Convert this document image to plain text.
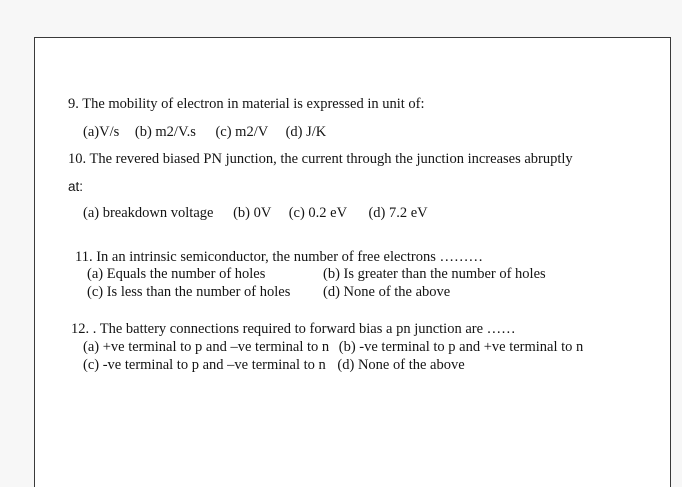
9. The mobility of electron in material is expressed in unit of:
(a)V/s (b) m2/V.s (c) m2/V (d) J/K
10. The revered biased PN junction, the current through the junction increases abruptly
at:
(a) breakdown voltage (b) 0V (c) 0.2 eV (d) 7.2 eV
11. In an intrinsic semiconductor, the number of free electrons ………
(a) Equals the number of holes	(b) Is greater than the number of holes
(c) Is less than the number of holes (d) None of the above
12. . The battery connections required to forward bias a pn junction are ……
(a) +ve terminal to p and –ve terminal to n (b) -ve terminal to p and +ve terminal to n
(c) -ve terminal to p and –ve terminal to n (d) None of the above
